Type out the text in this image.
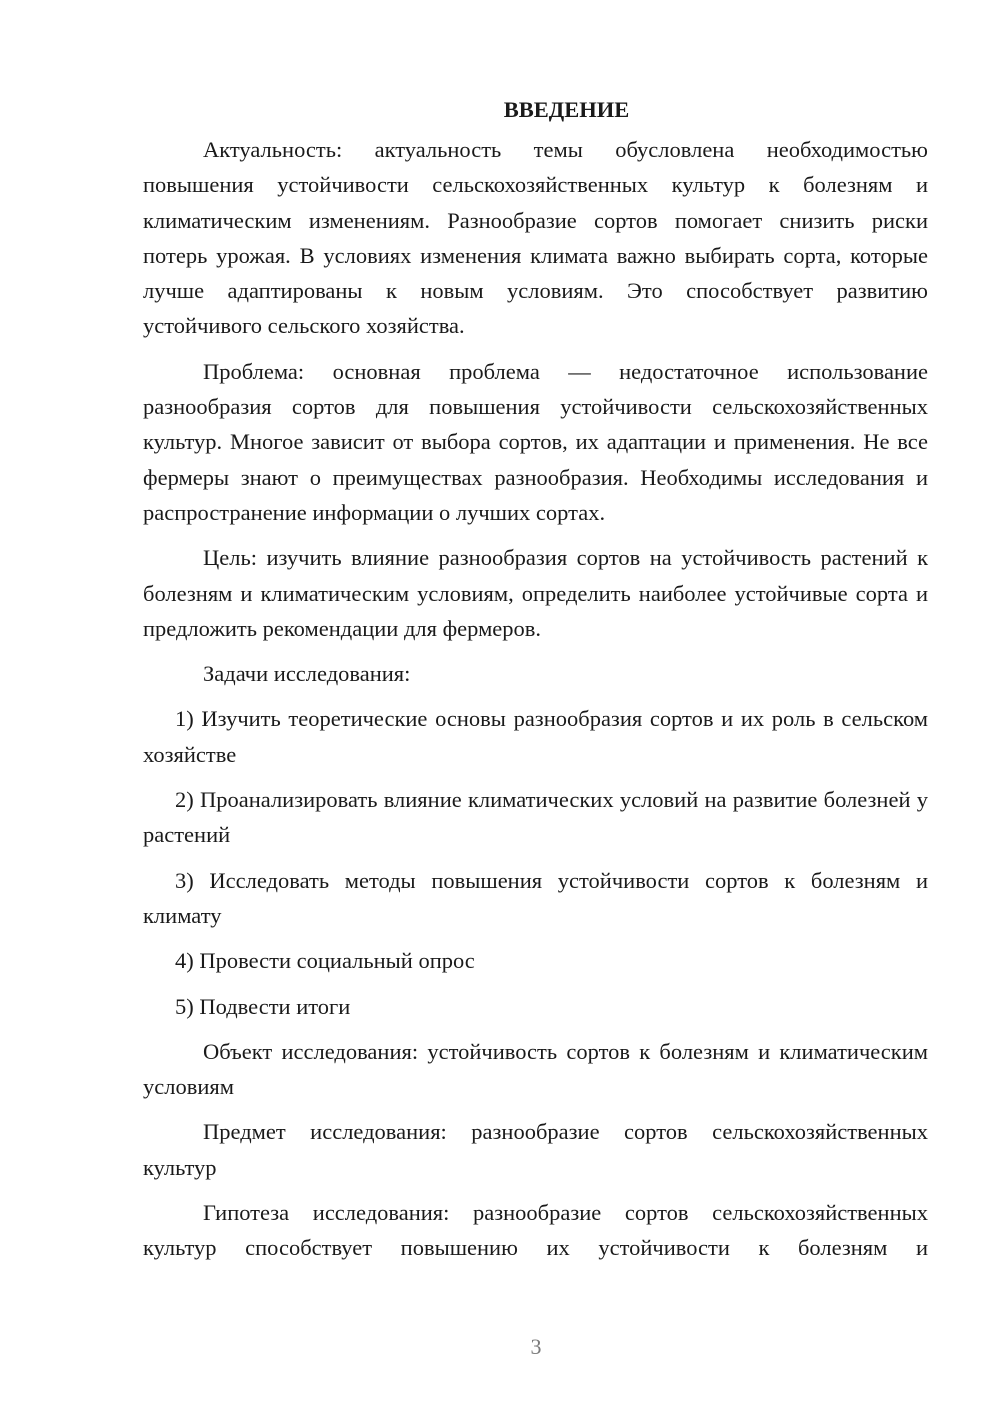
ВВЕДЕНИЕ

Актуальность: актуальность темы обусловлена необходимостью повышения устойчивости сельскохозяйственных культур к болезням и климатическим изменениям. Разнообразие сортов помогает снизить риски потерь урожая. В условиях изменения климата важно выбирать сорта, которые лучше адаптированы к новым условиям. Это способствует развитию устойчивого сельского хозяйства.

Проблема: основная проблема — недостаточное использование разнообразия сортов для повышения устойчивости сельскохозяйственных культур. Многое зависит от выбора сортов, их адаптации и применения. Не все фермеры знают о преимуществах разнообразия. Необходимы исследования и распространение информации о лучших сортах.

Цель: изучить влияние разнообразия сортов на устойчивость растений к болезням и климатическим условиям, определить наиболее устойчивые сорта и предложить рекомендации для фермеров.

Задачи исследования:

1) Изучить теоретические основы разнообразия сортов и их роль в сельском хозяйстве

2) Проанализировать влияние климатических условий на развитие болезней у растений

3) Исследовать методы повышения устойчивости сортов к болезням и климату

4) Провести социальный опрос

5) Подвести итоги

Объект исследования: устойчивость сортов к болезням и климатическим условиям

Предмет исследования: разнообразие сортов сельскохозяйственных культур

Гипотеза исследования: разнообразие сортов сельскохозяйственных культур способствует повышению их устойчивости к болезням и

3
